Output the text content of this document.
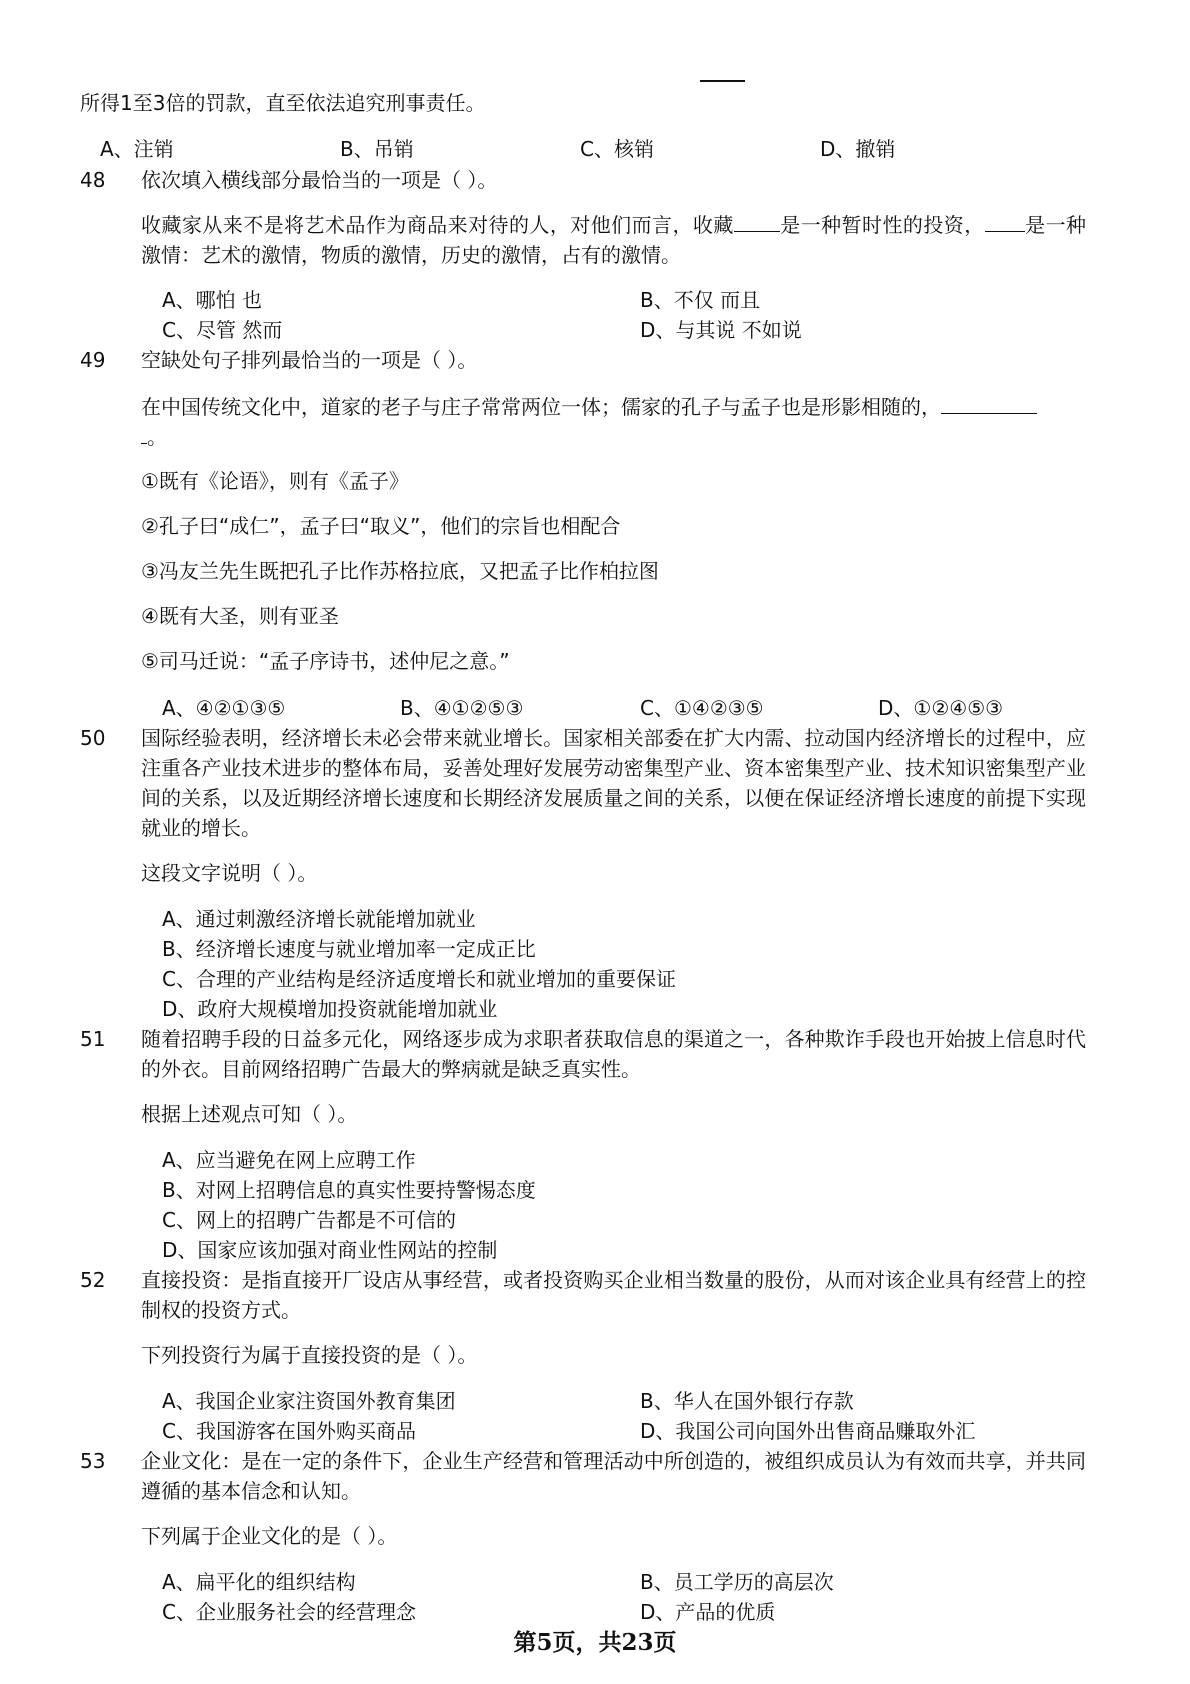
所得1至3倍的罚款，直至依法追究刑事责任。
A、注销	B、吊销	C、核销	D、撤销
48	依次填入横线部分最恰当的一项是（ ）。
收藏家从来不是将艺术品作为商品来对待的人，对他们而言，收藏 是一种暂时性的投资， 是一种激情：艺术的激情，物质的激情，历史的激情，占有的激情。
A、哪怕 也	B、不仅 而且
C、尽管 然而	D、与其说 不如说
49	空缺处句子排列最恰当的一项是（ ）。
在中国传统文化中，道家的老子与庄子常常两位一体；儒家的孔子与孟子也是形影相随的，
。
①既有《论语》，则有《孟子》
②孔子曰“成仁”，孟子曰“取义”，他们的宗旨也相配合
③冯友兰先生既把孔子比作苏格拉底，又把孟子比作柏拉图
④既有大圣，则有亚圣
⑤司马迁说：“孟子序诗书，述仲尼之意。”
A、④②①③⑤	B、④①②⑤③	C、①④②③⑤	D、①②④⑤③
50	国际经验表明，经济增长未必会带来就业增长。国家相关部委在扩大内需、拉动国内经济增长的过程中，应注重各产业技术进步的整体布局，妥善处理好发展劳动密集型产业、资本密集型产业、技术知识密集型产业间的关系，以及近期经济增长速度和长期经济发展质量之间的关系，以便在保证经济增长速度的前提下实现就业的增长。
这段文字说明（ ）。
A、通过刺激经济增长就能增加就业
B、经济增长速度与就业增加率一定成正比
C、合理的产业结构是经济适度增长和就业增加的重要保证
D、政府大规模增加投资就能增加就业
51	随着招聘手段的日益多元化，网络逐步成为求职者获取信息的渠道之一，各种欺诈手段也开始披上信息时代的外衣。目前网络招聘广告最大的弊病就是缺乏真实性。
根据上述观点可知（ ）。
A、应当避免在网上应聘工作
B、对网上招聘信息的真实性要持警惕态度
C、网上的招聘广告都是不可信的
D、国家应该加强对商业性网站的控制
52	直接投资：是指直接开厂设店从事经营，或者投资购买企业相当数量的股份，从而对该企业具有经营上的控制权的投资方式。
下列投资行为属于直接投资的是（ ）。
A、我国企业家注资国外教育集团	B、华人在国外银行存款
C、我国游客在国外购买商品	D、我国公司向国外出售商品赚取外汇
53	企业文化：是在一定的条件下，企业生产经营和管理活动中所创造的，被组织成员认为有效而共享，并共同遵循的基本信念和认知。
下列属于企业文化的是（ ）。
A、扁平化的组织结构	B、员工学历的高层次
C、企业服务社会的经营理念	D、产品的优质
第5页，共23页
